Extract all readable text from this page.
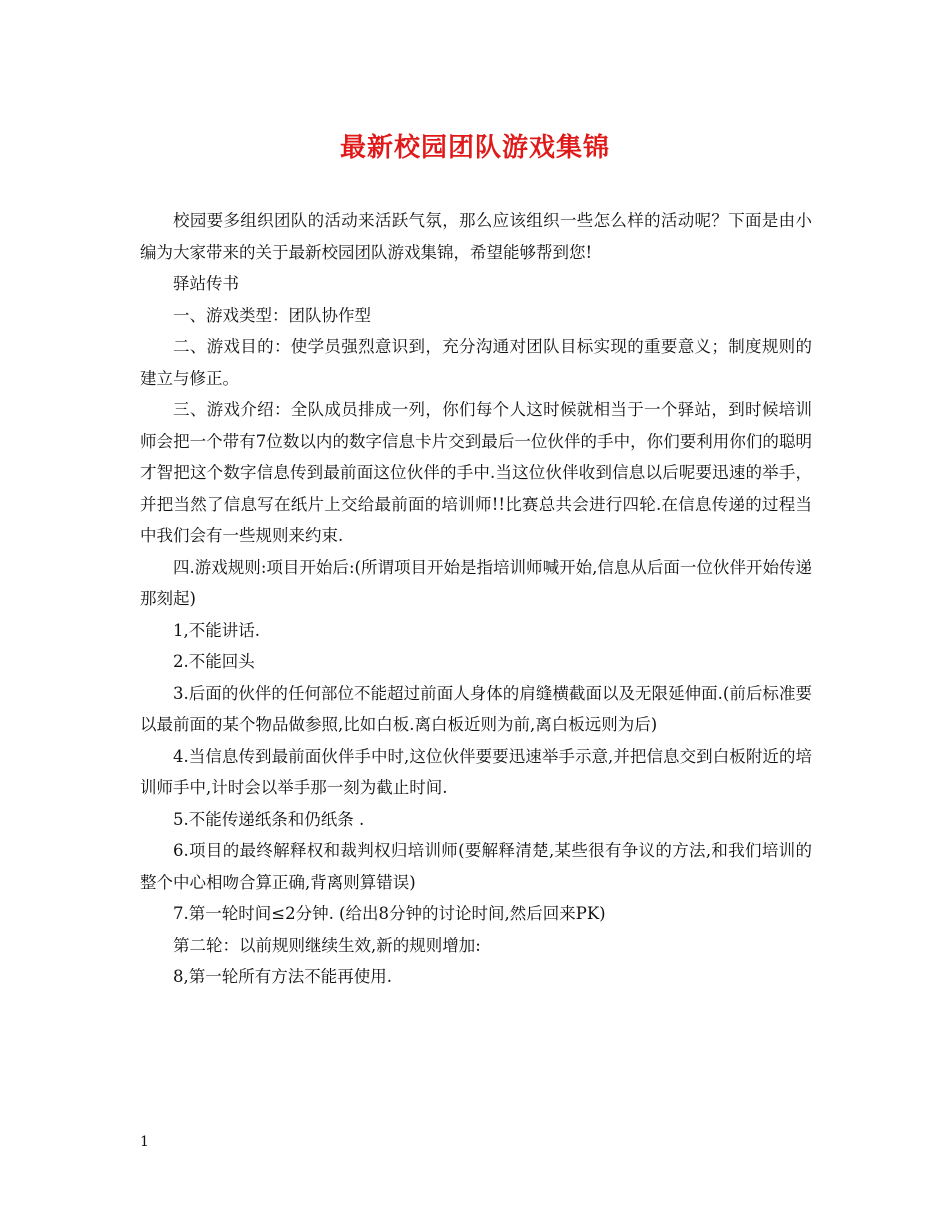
最新校园团队游戏集锦

校园要多组织团队的活动来活跃气氛，那么应该组织一些怎么样的活动呢？下面是由小编为大家带来的关于最新校园团队游戏集锦，希望能够帮到您!

驿站传书

一、游戏类型：团队协作型

二、游戏目的：使学员强烈意识到，充分沟通对团队目标实现的重要意义；制度规则的建立与修正。

三、游戏介绍：全队成员排成一列，你们每个人这时候就相当于一个驿站，到时候培训师会把一个带有7位数以内的数字信息卡片交到最后一位伙伴的手中，你们要利用你们的聪明才智把这个数字信息传到最前面这位伙伴的手中.当这位伙伴收到信息以后呢要迅速的举手，并把当然了信息写在纸片上交给最前面的培训师!!比赛总共会进行四轮.在信息传递的过程当中我们会有一些规则来约束.

四.游戏规则:项目开始后:(所谓项目开始是指培训师喊开始,信息从后面一位伙伴开始传递那刻起)

1,不能讲话.

2.不能回头

3.后面的伙伴的任何部位不能超过前面人身体的肩缝横截面以及无限延伸面.(前后标准要以最前面的某个物品做参照,比如白板.离白板近则为前,离白板远则为后)

4.当信息传到最前面伙伴手中时,这位伙伴要要迅速举手示意,并把信息交到白板附近的培训师手中,计时会以举手那一刻为截止时间.

5.不能传递纸条和仍纸条 .

6.项目的最终解释权和裁判权归培训师(要解释清楚,某些很有争议的方法,和我们培训的整个中心相吻合算正确,背离则算错误)

7.第一轮时间≤2分钟. (给出8分钟的讨论时间,然后回来PK)

第二轮：以前规则继续生效,新的规则增加:

8,第一轮所有方法不能再使用.

1
